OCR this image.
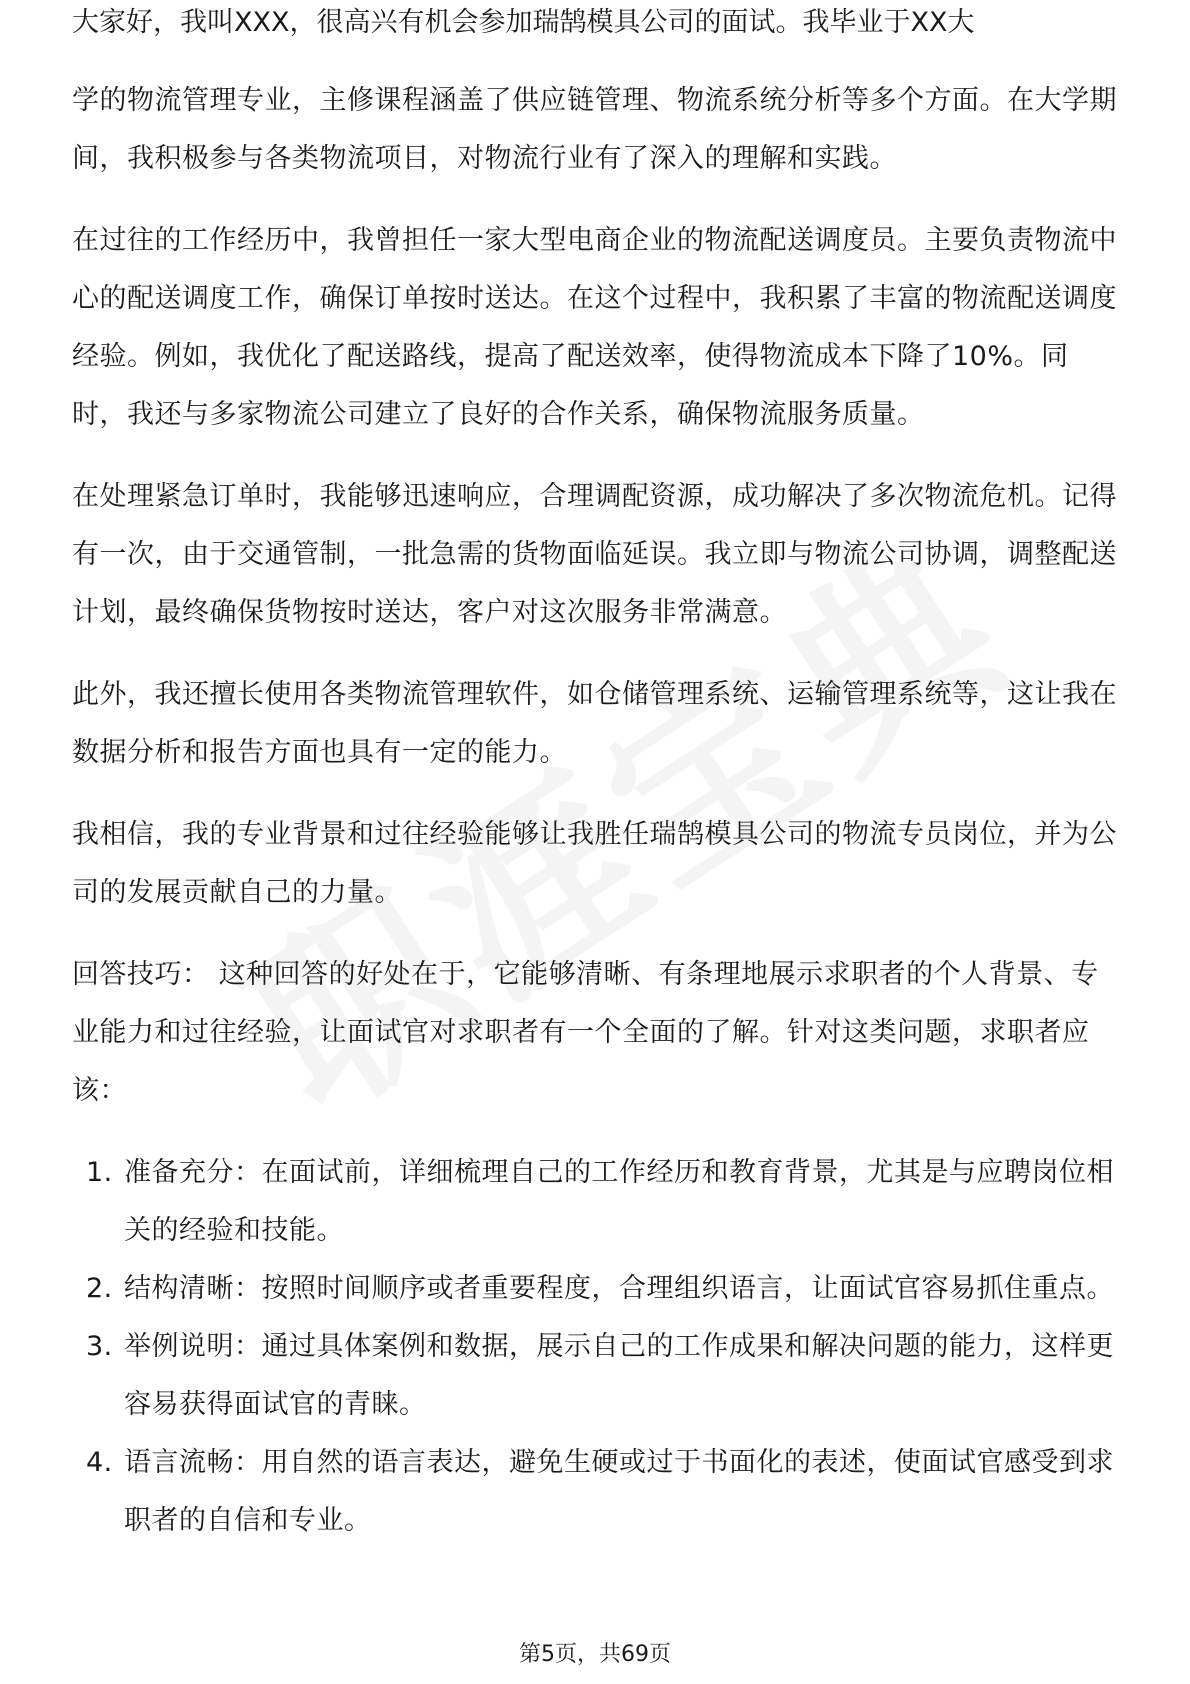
大家好，我叫XXX，很高兴有机会参加瑞鹄模具公司的面试。我毕业于XX大

学的物流管理专业，主修课程涵盖了供应链管理、物流系统分析等多个方面。在大学期间，我积极参与各类物流项目，对物流行业有了深入的理解和实践。

在过往的工作经历中，我曾担任一家大型电商企业的物流配送调度员。主要负责物流中心的配送调度工作，确保订单按时送达。在这个过程中，我积累了丰富的物流配送调度经验。例如，我优化了配送路线，提高了配送效率，使得物流成本下降了10%。同时，我还与多家物流公司建立了良好的合作关系，确保物流服务质量。

在处理紧急订单时，我能够迅速响应，合理调配资源，成功解决了多次物流危机。记得有一次，由于交通管制，一批急需的货物面临延误。我立即与物流公司协调，调整配送计划，最终确保货物按时送达，客户对这次服务非常满意。

此外，我还擅长使用各类物流管理软件，如仓储管理系统、运输管理系统等，这让我在数据分析和报告方面也具有一定的能力。

我相信，我的专业背景和过往经验能够让我胜任瑞鹄模具公司的物流专员岗位，并为公司的发展贡献自己的力量。

回答技巧： 这种回答的好处在于，它能够清晰、有条理地展示求职者的个人背景、专业能力和过往经验，让面试官对求职者有一个全面的了解。针对这类问题，求职者应该：

1. 准备充分：在面试前，详细梳理自己的工作经历和教育背景，尤其是与应聘岗位相关的经验和技能。
2. 结构清晰：按照时间顺序或者重要程度，合理组织语言，让面试官容易抓住重点。
3. 举例说明：通过具体案例和数据，展示自己的工作成果和解决问题的能力，这样更容易获得面试官的青睐。
4. 语言流畅：用自然的语言表达，避免生硬或过于书面化的表述，使面试官感受到求职者的自信和专业。
第5页，共69页
